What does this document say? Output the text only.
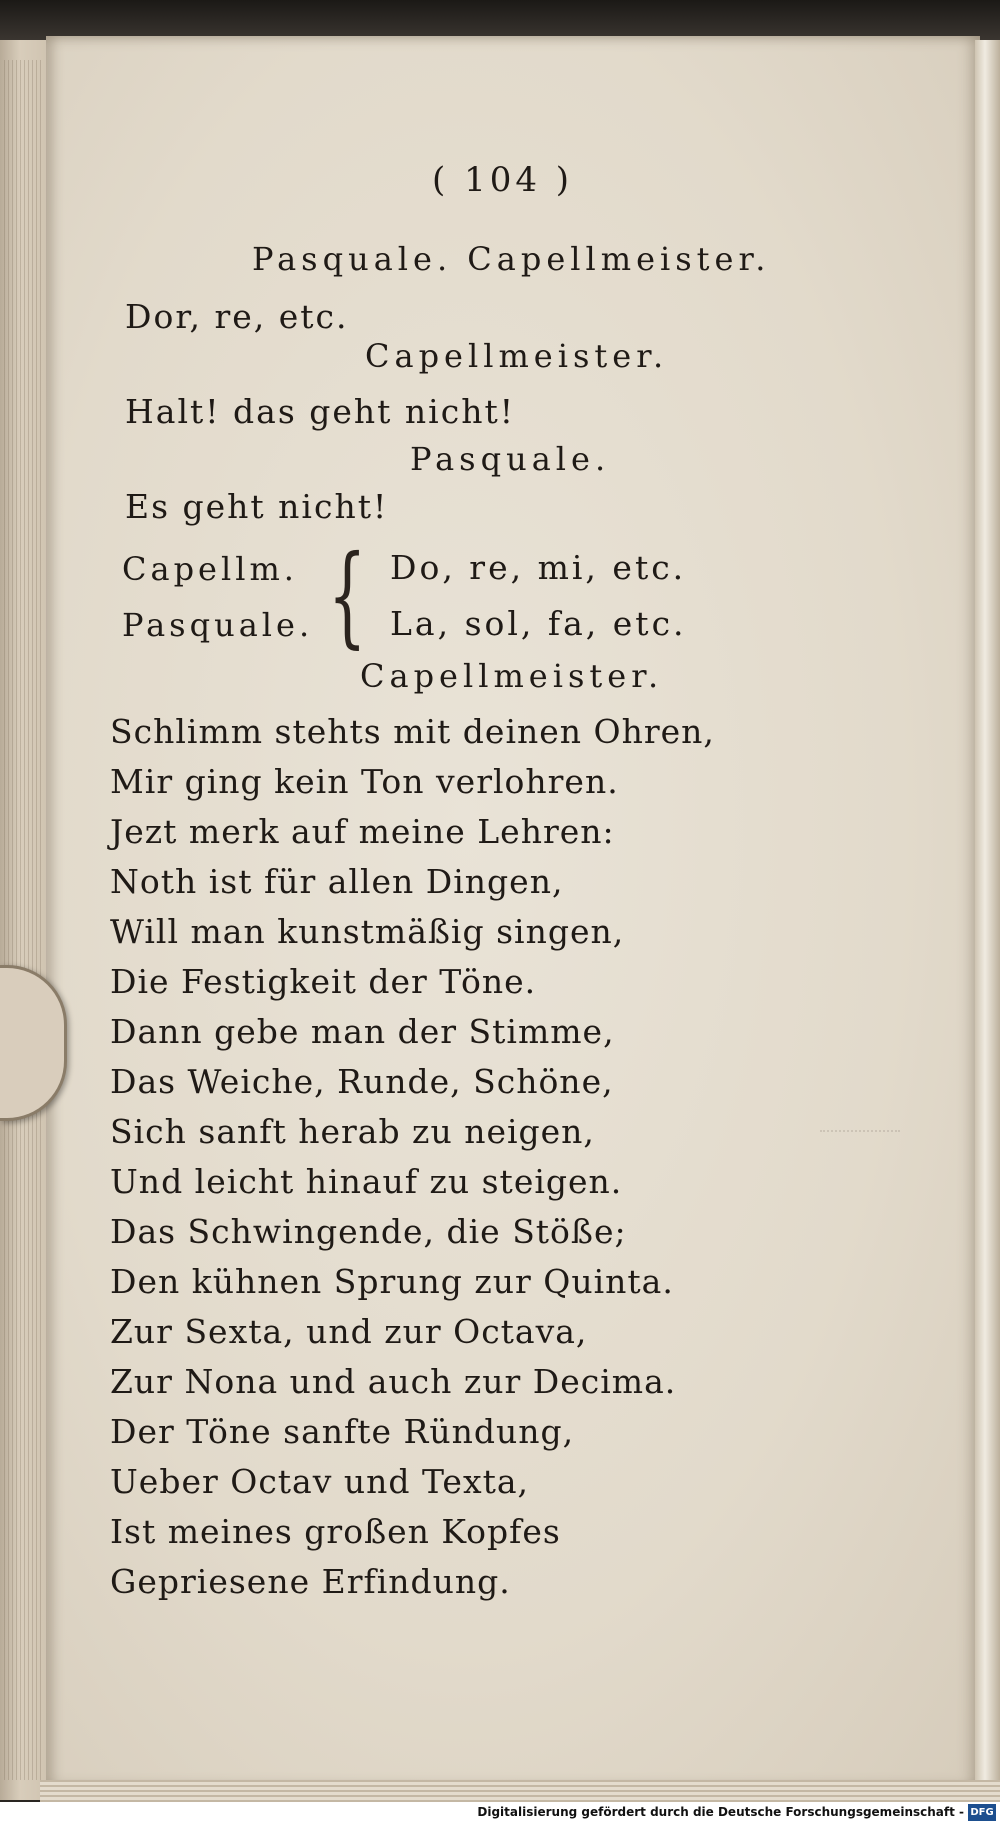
( 104 )
Pasquale. Capellmeister.
Dor, re, etc.
Capellmeister.
Halt! das geht nicht!
Pasquale.
Es geht nicht!
Capellm.
Pasquale. { Do, re, mi, etc.
La, sol, fa, etc.
Capellmeister.
Schlimm stehts mit deinen Ohren,
Mir ging kein Ton verlohren.
Jezt merk auf meine Lehren:
Noth ist für allen Dingen,
Will man kunstmäßig singen,
Die Festigkeit der Töne.
Dann gebe man der Stimme,
Das Weiche, Runde, Schöne,
Sich sanft herab zu neigen,
Und leicht hinauf zu steigen.
Das Schwingende, die Stöße;
Den kühnen Sprung zur Quinta.
Zur Sexta, und zur Octava,
Zur Nona und auch zur Decima.
Der Töne sanfte Ründung,
Ueber Octav und Texta,
Ist meines großen Kopfes
Gepriesene Erfindung.
Digitalisierung gefördert durch die Deutsche Forschungsgemeinschaft - DFG
